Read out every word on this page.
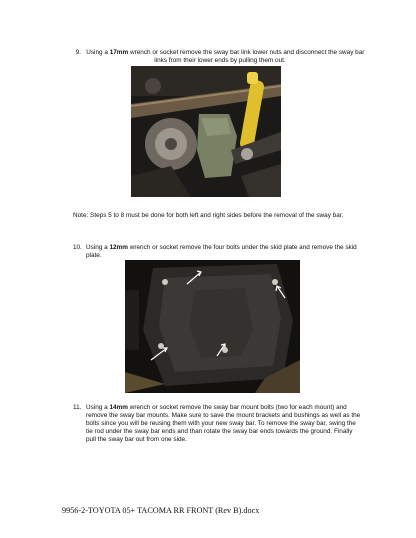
9. Using a 17mm wrench or socket remove the sway bar link lower nuts and disconnect the sway bar links from their lower ends by pulling them out.
Note: Steps 5 to 8 must be done for both left and right sides before the removal of the sway bar.
10. Using a 12mm wrench or socket remove the four bolts under the skid plate and remove the skid plate.
11. Using a 14mm wrench or socket remove the sway bar mount bolts (two for each mount) and remove the sway bar mounts. Make sure to save the mount brackets and bushings as well as the bolts since you will be reusing them with your new sway bar. To remove the sway bar, swing the tie rod under the sway bar ends and than rotate the sway bar ends towards the ground. Finally pull the sway bar out from one side.
9956-2-TOYOTA 05+ TACOMA RR FRONT (Rev B).docx
